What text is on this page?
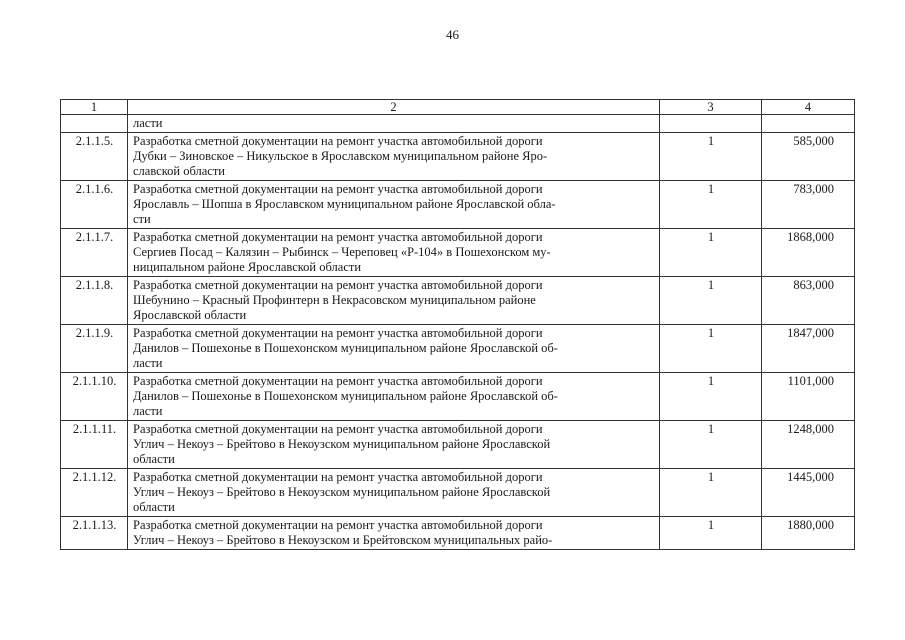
46
1	2	3	4

	ласти		

2.1.1.5.	Разработка сметной документации на ремонт участка автомобильной дороги
Дубки – Зиновское – Никульское в Ярославском муниципальном районе Яро-
славской области	1	585,000
2.1.1.6.	Разработка сметной документации на ремонт участка автомобильной дороги
Ярославль – Шопша в Ярославском муниципальном районе Ярославской обла-
сти	1	783,000
2.1.1.7.	Разработка сметной документации на ремонт участка автомобильной дороги
Сергиев Посад – Калязин – Рыбинск – Череповец «Р-104» в Пошехонском му-
ниципальном районе Ярославской области	1	1868,000
2.1.1.8.	Разработка сметной документации на ремонт участка автомобильной дороги
Шебунино – Красный Профинтерн в Некрасовском муниципальном районе
Ярославской области	1	863,000
2.1.1.9.	Разработка сметной документации на ремонт участка автомобильной дороги
Данилов – Пошехонье в Пошехонском муниципальном районе Ярославской об-
ласти	1	1847,000
2.1.1.10.	Разработка сметной документации на ремонт участка автомобильной дороги
Данилов – Пошехонье в Пошехонском муниципальном районе Ярославской об-
ласти	1	1101,000
2.1.1.11.	Разработка сметной документации на ремонт участка автомобильной дороги
Углич – Некоуз – Брейтово в Некоузском муниципальном районе Ярославской
области	1	1248,000
2.1.1.12.	Разработка сметной документации на ремонт участка автомобильной дороги
Углич – Некоуз – Брейтово в Некоузском муниципальном районе Ярославской
области	1	1445,000
2.1.1.13.	Разработка сметной документации на ремонт участка автомобильной дороги
Углич – Некоуз – Брейтово в Некоузском и Брейтовском муниципальных райо-	1	1880,000
